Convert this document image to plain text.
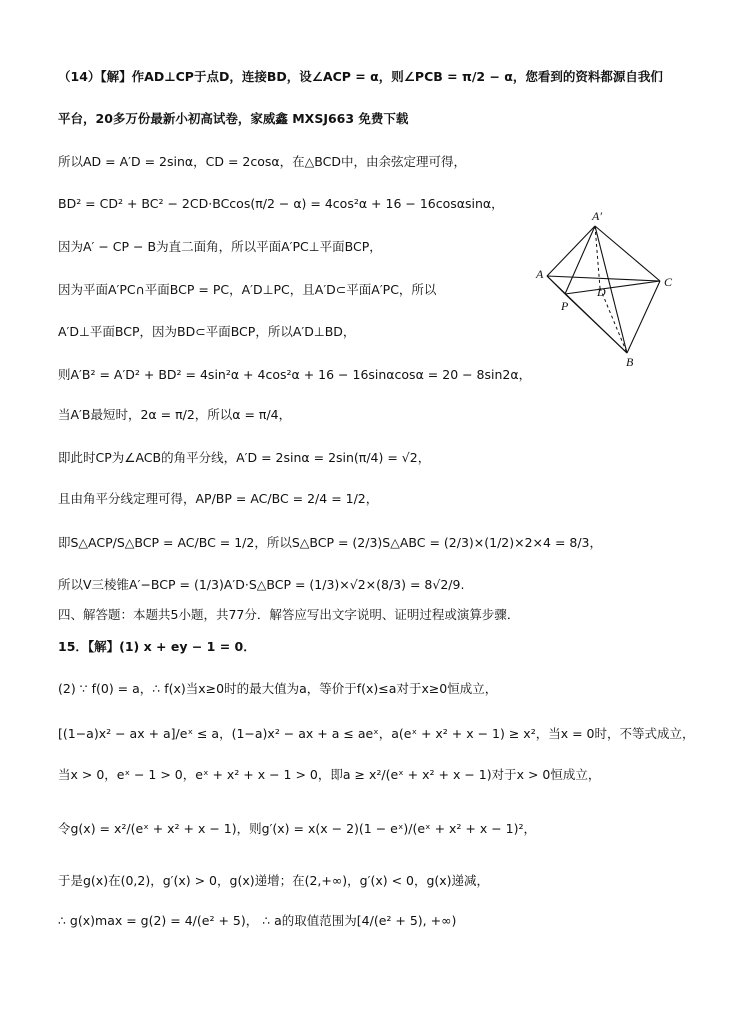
（14）【解】作AD⊥CP于点D，连接BD，设∠ACP = α，则∠PCB = π/2 − α，您看到的资料都源自我们
平台，20多万份最新小初高试卷，家威鑫 MXSJ663 免费下载
所以AD = A′D = 2sinα，CD = 2cosα，在△BCD中，由余弦定理可得，
BD² = CD² + BC² − 2CD·BCcos(π/2 − α) = 4cos²α + 16 − 16cosαsinα，
因为A′ − CP − B为直二面角，所以平面A′PC⊥平面BCP，
因为平面A′PC∩平面BCP = PC，A′D⊥PC，且A′D⊂平面A′PC，所以
A′D⊥平面BCP，因为BD⊂平面BCP，所以A′D⊥BD，
则A′B² = A′D² + BD² = 4sin²α + 4cos²α + 16 − 16sinαcosα = 20 − 8sin2α，
当A′B最短时，2α = π/2，所以α = π/4，
即此时CP为∠ACB的角平分线，A′D = 2sinα = 2sin(π/4) = √2，
且由角平分线定理可得，AP/BP = AC/BC = 2/4 = 1/2，
即S△ACP/S△BCP = AC/BC = 1/2，所以S△BCP = (2/3)S△ABC = (2/3)×(1/2)×2×4 = 8/3，
所以V三棱锥A′−BCP = (1/3)A′D·S△BCP = (1/3)×√2×(8/3) = 8√2/9.
四、解答题：本题共5小题，共77分．解答应写出文字说明、证明过程或演算步骤．
15．【解】(1) x + ey − 1 = 0．
(2) ∵ f(0) = a，∴ f(x)当x≥0时的最大值为a，等价于f(x)≤a对于x≥0恒成立，
[(1−a)x² − ax + a]/eˣ ≤ a，(1−a)x² − ax + a ≤ aeˣ，a(eˣ + x² + x − 1) ≥ x²，当x = 0时，不等式成立，
当x > 0，eˣ − 1 > 0，eˣ + x² + x − 1 > 0，即a ≥ x²/(eˣ + x² + x − 1)对于x > 0恒成立，
令g(x) = x²/(eˣ + x² + x − 1)，则g′(x) = x(x − 2)(1 − eˣ)/(eˣ + x² + x − 1)²，
于是g(x)在(0,2)，g′(x) > 0，g(x)递增；在(2,+∞)，g′(x) < 0，g(x)递减，
∴ g(x)max = g(2) = 4/(e² + 5)， ∴ a的取值范围为[4/(e² + 5), +∞)
A′
A
D
C
P
B
